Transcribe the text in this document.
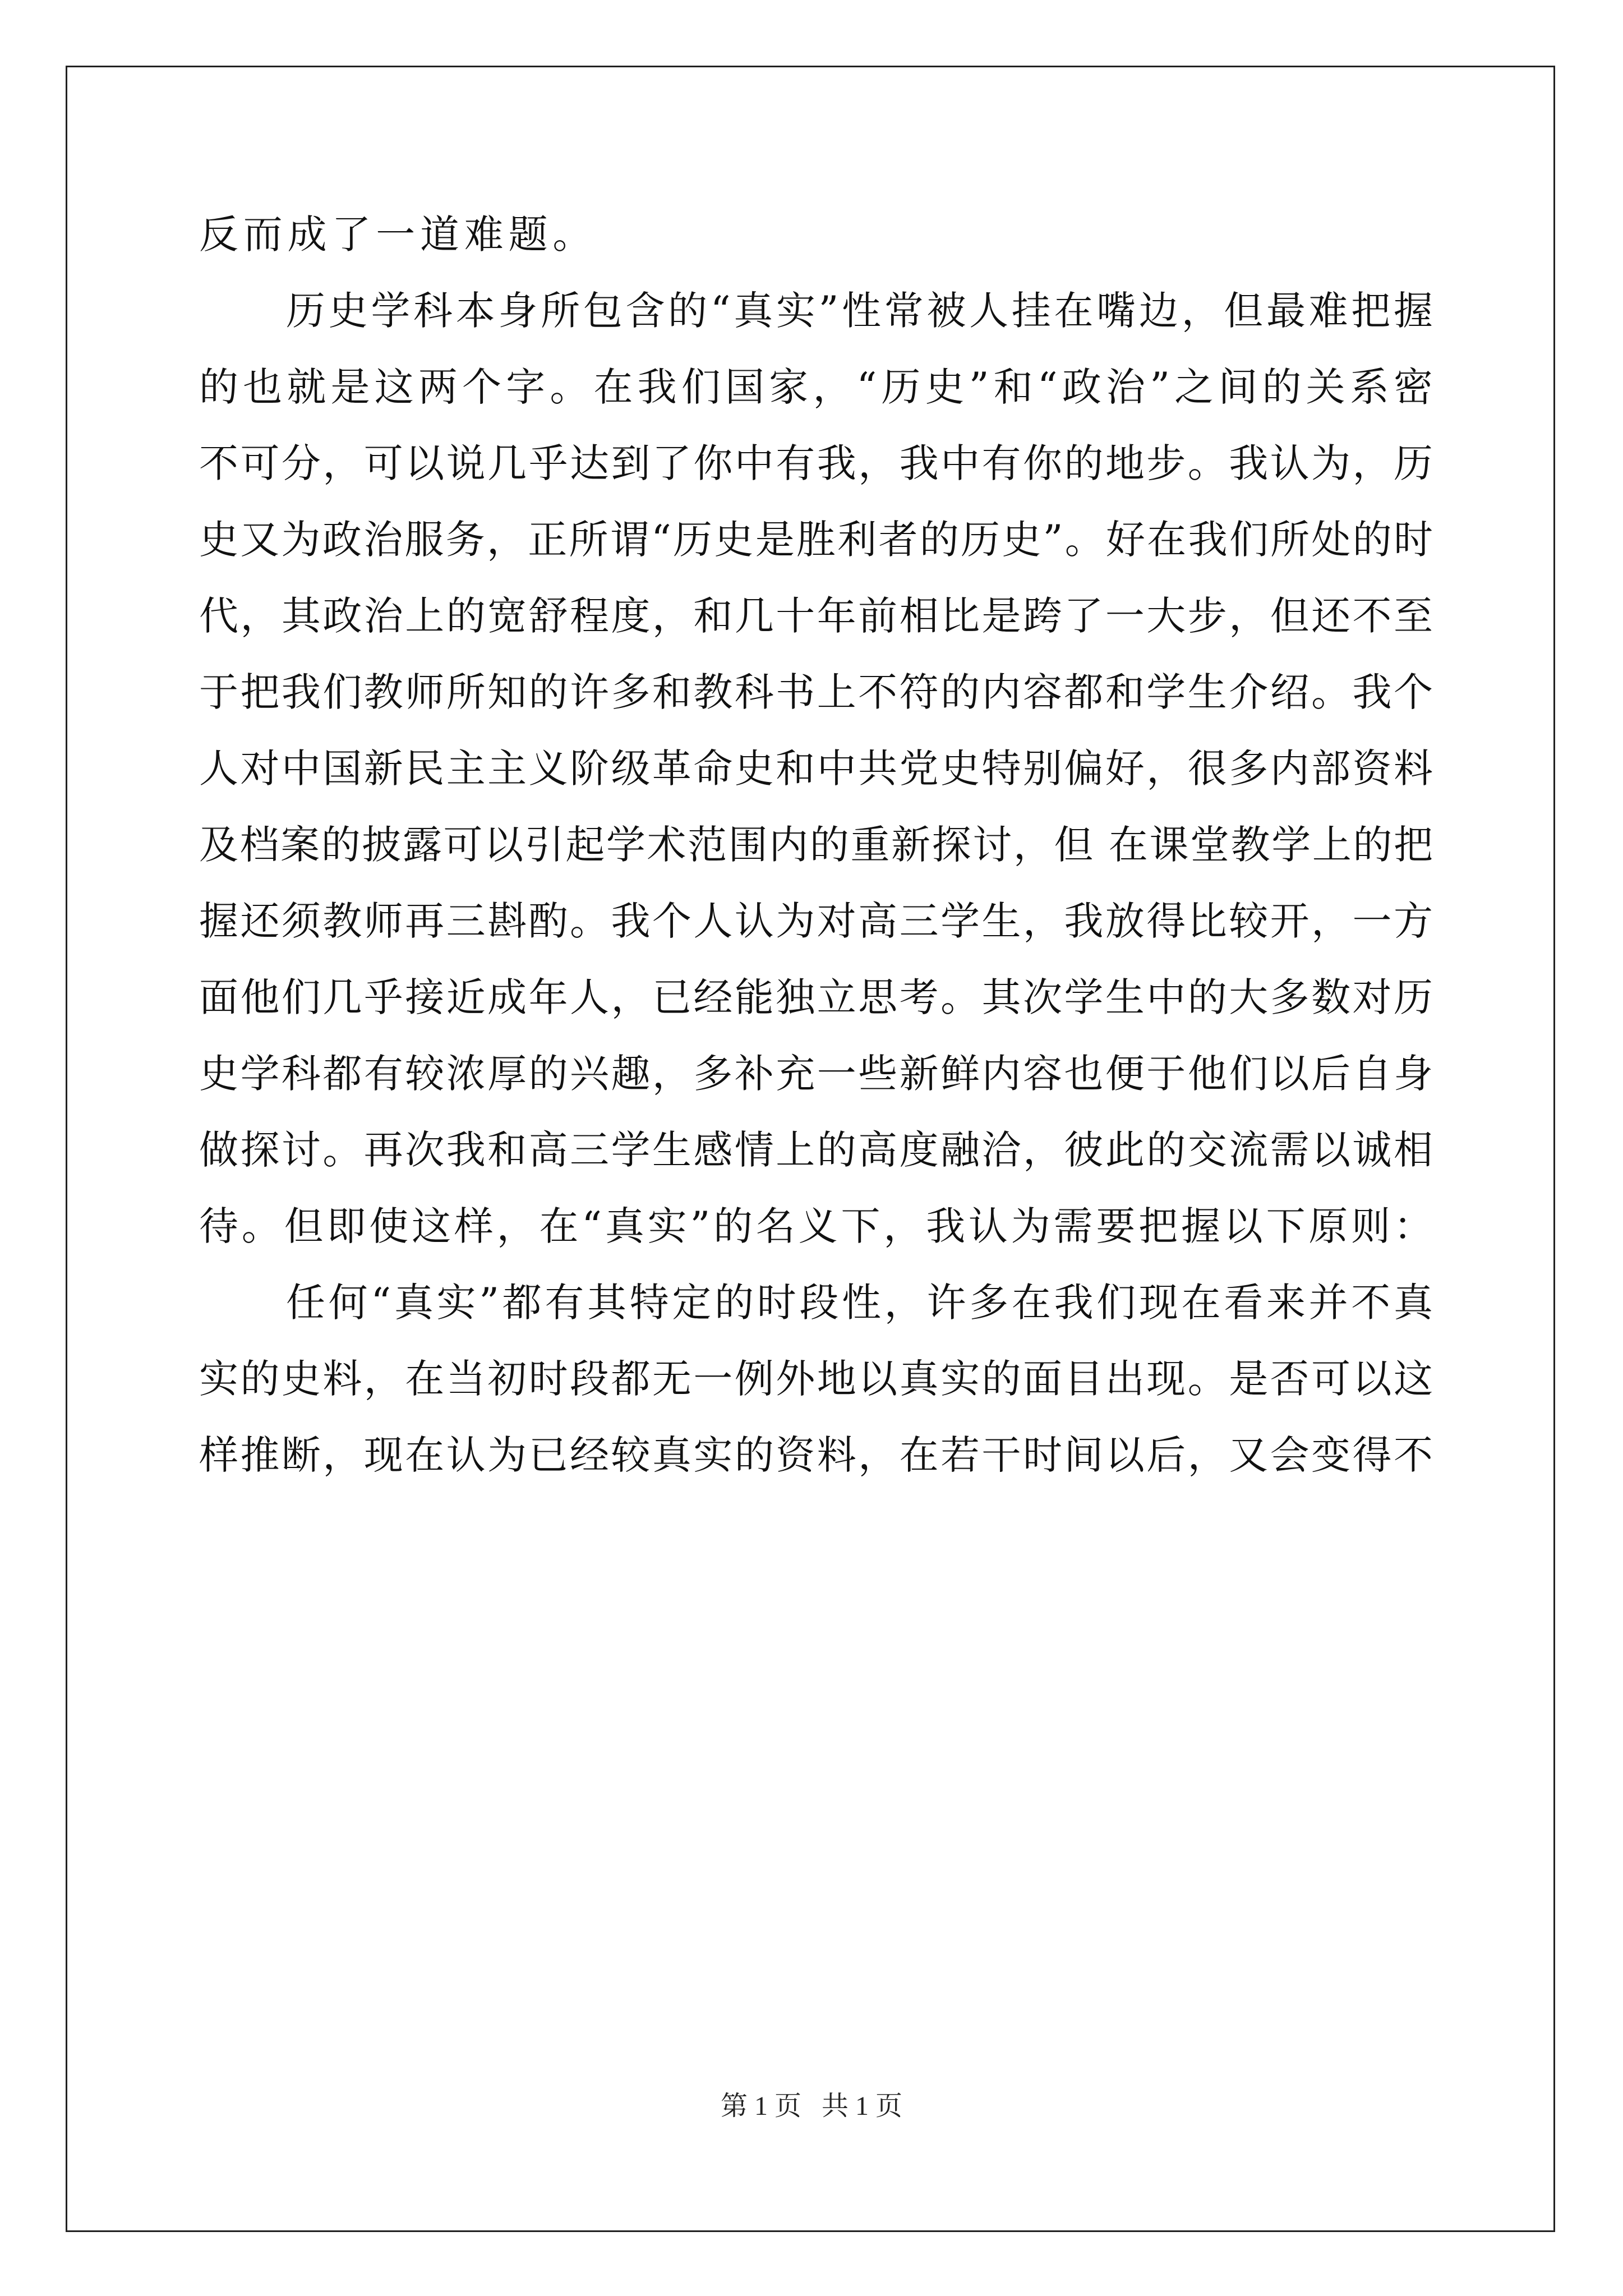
反而成了一道难题。
历史学科本身所包含的“真实”性常被人挂在嘴边，但最难把握
的也就是这两个字。在我们国家，“历史”和“政治”之间的关系密
不可分，可以说几乎达到了你中有我，我中有你的地步。我认为，历
史又为政治服务，正所谓“历史是胜利者的历史”。好在我们所处的时
代，其政治上的宽舒程度，和几十年前相比是跨了一大步，但还不至
于把我们教师所知的许多和教科书上不符的内容都和学生介绍。我个
人对中国新民主主义阶级革命史和中共党史特别偏好，很多内部资料
及档案的披露可以引起学术范围内的重新探讨，但 在课堂教学上的把
握还须教师再三斟酌。我个人认为对高三学生，我放得比较开，一方
面他们几乎接近成年人，已经能独立思考。其次学生中的大多数对历
史学科都有较浓厚的兴趣，多补充一些新鲜内容也便于他们以后自身
做探讨。再次我和高三学生感情上的高度融洽，彼此的交流需以诚相
待。但即使这样，在“真实”的名义下，我认为需要把握以下原则：
任何“真实”都有其特定的时段性，许多在我们现在看来并不真
实的史料，在当初时段都无一例外地以真实的面目出现。是否可以这
样推断，现在认为已经较真实的资料，在若干时间以后，又会变得不
第 1 页 共 1 页
